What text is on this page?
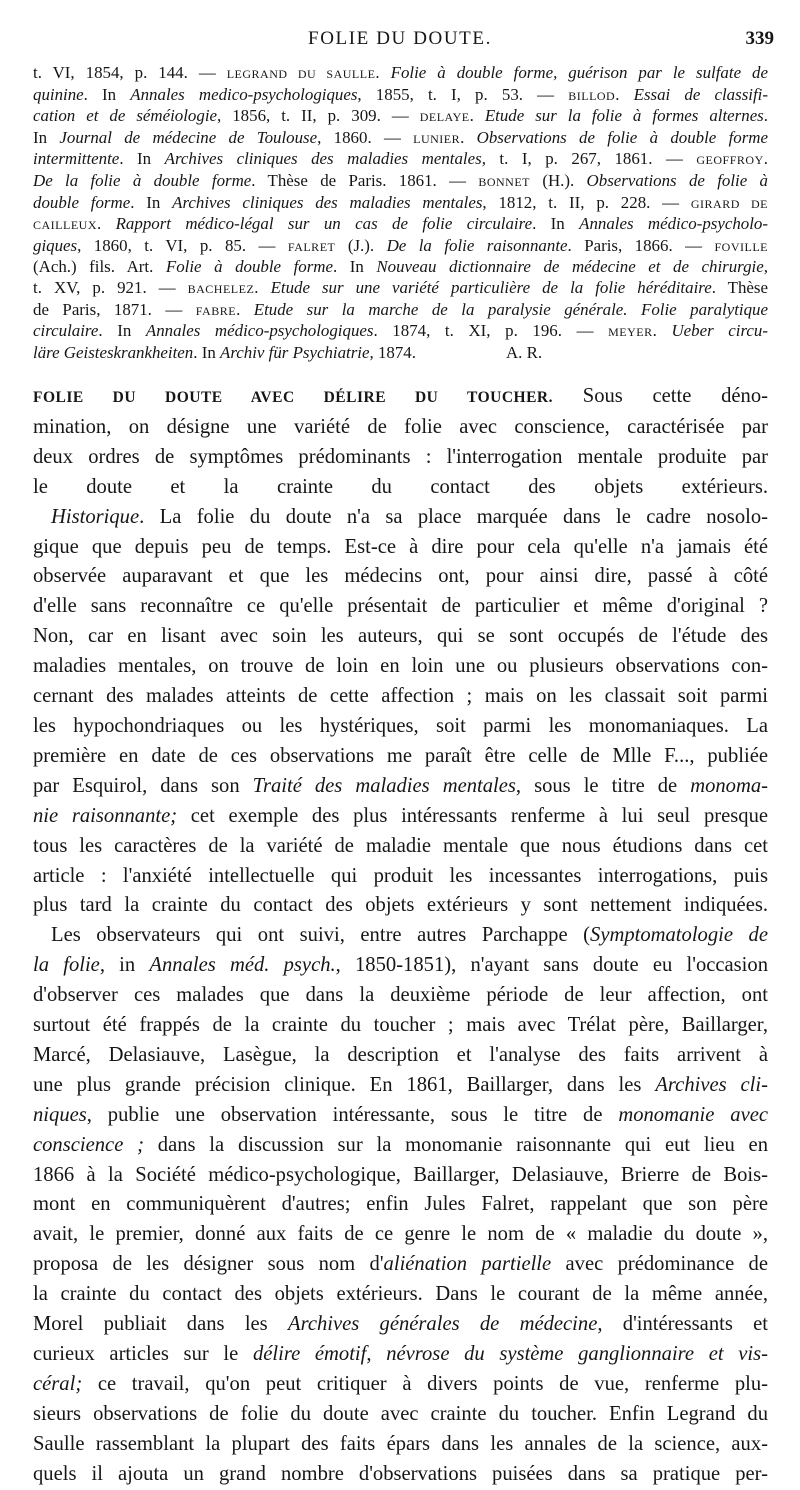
FOLIE DU DOUTE.	339
t. VI, 1854, p. 144. — LEGRAND DU SAULLE. Folie à double forme, guérison par le sulfate de
quinine. In Annales medico-psychologiques, 1855, t. I, p. 53. — BILLOD. Essai de classifi-
cation et de séméiologie, 1856, t. II, p. 309. — DELAYE. Etude sur la folie à formes alternes.
In Journal de médecine de Toulouse, 1860. — LUNIER. Observations de folie à double forme
intermittente. In Archives cliniques des maladies mentales, t. I, p. 267, 1861. — GEOFFROY.
De la folie à double forme. Thèse de Paris. 1861. — BONNET (H.). Observations de folie à
double forme. In Archives cliniques des maladies mentales, 1812, t. II, p. 228. — GIRARD DE
CAILLEUX. Rapport médico-légal sur un cas de folie circulaire. In Annales médico-psycholo-
giques, 1860, t. VI, p. 85. — FALRET (J.). De la folie raisonnante. Paris, 1866. — FOVILLE
(Ach.) fils. Art. Folie à double forme. In Nouveau dictionnaire de médecine et de chirurgie,
t. XV, p. 921. — BACHELEZ. Etude sur une variété particulière de la folie héréditaire. Thèse
de Paris, 1871. — FABRE. Etude sur la marche de la paralysie générale. Folie paralytique
circulaire. In Annales médico-psychologiques. 1874, t. XI, p. 196. — MEYER. Ueber circu-
läre Geisteskrankheiten. In Archiv für Psychiatrie, 1874.	A. R.
FOLIE DU DOUTE AVEC DÉLIRE DU TOUCHER. Sous cette déno-
mination, on désigne une variété de folie avec conscience, caractérisée par
deux ordres de symptômes prédominants : l'interrogation mentale produite par
le doute et la crainte du contact des objets extérieurs.
Historique. La folie du doute n'a sa place marquée dans le cadre nosolo-
gique que depuis peu de temps. Est-ce à dire pour cela qu'elle n'a jamais été
observée auparavant et que les médecins ont, pour ainsi dire, passé à côté
d'elle sans reconnaître ce qu'elle présentait de particulier et même d'original ?
Non, car en lisant avec soin les auteurs, qui se sont occupés de l'étude des
maladies mentales, on trouve de loin en loin une ou plusieurs observations con-
cernant des malades atteints de cette affection ; mais on les classait soit parmi
les hypochondriaques ou les hystériques, soit parmi les monomaniaques. La
première en date de ces observations me paraît être celle de Mlle F..., publiée
par Esquirol, dans son Traité des maladies mentales, sous le titre de monoma-
nie raisonnante; cet exemple des plus intéressants renferme à lui seul presque
tous les caractères de la variété de maladie mentale que nous étudions dans cet
article : l'anxiété intellectuelle qui produit les incessantes interrogations, puis
plus tard la crainte du contact des objets extérieurs y sont nettement indiquées.
Les observateurs qui ont suivi, entre autres Parchappe (Symptomatologie de
la folie, in Annales méd. psych., 1850-1851), n'ayant sans doute eu l'occasion
d'observer ces malades que dans la deuxième période de leur affection, ont
surtout été frappés de la crainte du toucher ; mais avec Trélat père, Baillarger,
Marcé, Delasiauve, Lasègue, la description et l'analyse des faits arrivent à
une plus grande précision clinique. En 1861, Baillarger, dans les Archives cli-
niques, publie une observation intéressante, sous le titre de monomanie avec
conscience ; dans la discussion sur la monomanie raisonnante qui eut lieu en
1866 à la Société médico-psychologique, Baillarger, Delasiauve, Brierre de Bois-
mont en communiquèrent d'autres; enfin Jules Falret, rappelant que son père
avait, le premier, donné aux faits de ce genre le nom de « maladie du doute »,
proposa de les désigner sous nom d'aliénation partielle avec prédominance de
la crainte du contact des objets extérieurs. Dans le courant de la même année,
Morel publiait dans les Archives générales de médecine, d'intéressants et
curieux articles sur le délire émotif, névrose du système ganglionnaire et vis-
céral; ce travail, qu'on peut critiquer à divers points de vue, renferme plu-
sieurs observations de folie du doute avec crainte du toucher. Enfin Legrand du
Saulle rassemblant la plupart des faits épars dans les annales de la science, aux-
quels il ajouta un grand nombre d'observations puisées dans sa pratique per-
